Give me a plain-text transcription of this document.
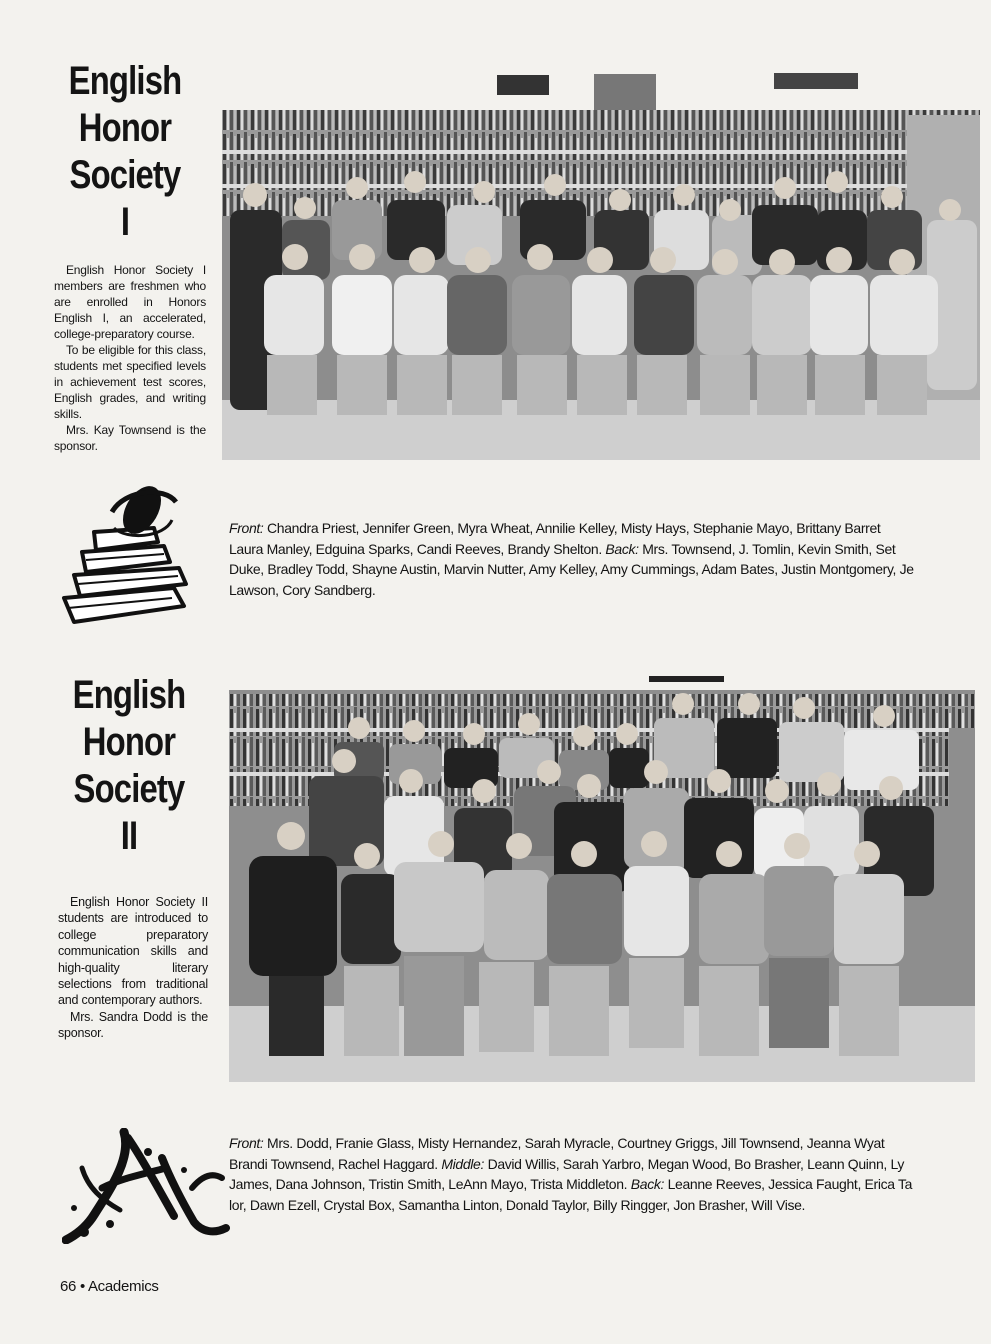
English
Honor
Society
I

English Honor Society I members are freshmen who are enrolled in Honors English I, an accelerated, college-preparatory course.

To be eligible for this class, students met specified levels in achievement test scores, English grades, and writing skills.

Mrs. Kay Townsend is the sponsor.

Front: Chandra Priest, Jennifer Green, Myra Wheat, Annilie Kelley, Misty Hays, Stephanie Mayo, Brittany Barret
Laura Manley, Edguina Sparks, Candi Reeves, Brandy Shelton. Back: Mrs. Townsend, J. Tomlin, Kevin Smith, Set
Duke, Bradley Todd, Shayne Austin, Marvin Nutter, Amy Kelley, Amy Cummings, Adam Bates, Justin Montgomery, Je
Lawson, Cory Sandberg.
English
Honor
Society
II

English Honor Society II students are introduced to college preparatory communication skills and high-quality literary selections from traditional and contemporary authors.

Mrs. Sandra Dodd is the sponsor.

Front: Mrs. Dodd, Franie Glass, Misty Hernandez, Sarah Myracle, Courtney Griggs, Jill Townsend, Jeanna Wyat
Brandi Townsend, Rachel Haggard. Middle: David Willis, Sarah Yarbro, Megan Wood, Bo Brasher, Leann Quinn, Ly
James, Dana Johnson, Tristin Smith, LeAnn Mayo, Trista Middleton. Back: Leanne Reeves, Jessica Faught, Erica Ta
lor, Dawn Ezell, Crystal Box, Samantha Linton, Donald Taylor, Billy Ringger, Jon Brasher, Will Vise.
66 • Academics
